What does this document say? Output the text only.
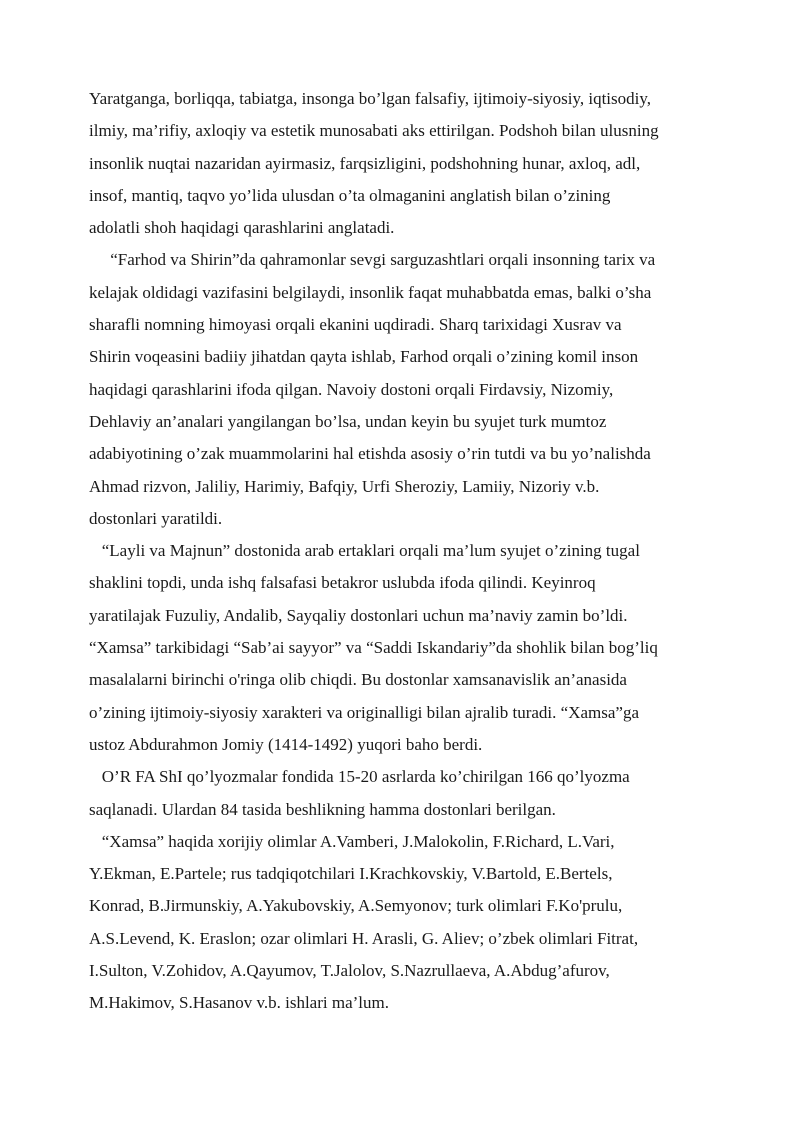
Yaratganga, borliqqa, tabiatga, insonga bo’lgan falsafiy, ijtimoiy-siyosiy, iqtisodiy,
ilmiy, ma’rifiy, axloqiy va estetik munosabati aks ettirilgan. Podshoh bilan ulusning
insonlik nuqtai nazaridan ayirmasiz, farqsizligini, podshohning hunar, axloq, adl,
insof, mantiq, taqvo yo’lida ulusdan o’ta olmaganini anglatish bilan o’zining
adolatli shoh haqidagi qarashlarini anglatadi.

“Farhod va Shirin”da qahramonlar sevgi sarguzashtlari orqali insonning tarix va
kelajak oldidagi vazifasini belgilaydi, insonlik faqat muhabbatda emas, balki o’sha
sharafli nomning himoyasi orqali ekanini uqdiradi. Sharq tarixidagi Xusrav va
Shirin voqeasini badiiy jihatdan qayta ishlab, Farhod orqali o’zining komil inson
haqidagi qarashlarini ifoda qilgan. Navoiy dostoni orqali Firdavsiy, Nizomiy,
Dehlaviy an’analari yangilangan bo’lsa, undan keyin bu syujet turk mumtoz
adabiyotining o’zak muammolarini hal etishda asosiy o’rin tutdi va bu yo’nalishda
Ahmad rizvon, Jaliliy, Harimiy, Bafqiy, Urfi Sheroziy, Lamiiy, Nizoriy v.b.
dostonlari yaratildi.

“Layli va Majnun” dostonida arab ertaklari orqali ma’lum syujet o’zining tugal
shaklini topdi, unda ishq falsafasi betakror uslubda ifoda qilindi. Keyinroq
yaratilajak Fuzuliy, Andalib, Sayqaliy dostonlari uchun ma’naviy zamin bo’ldi.
“Xamsa” tarkibidagi “Sab’ai sayyor” va “Saddi Iskandariy”da shohlik bilan bog’liq
masalalarni birinchi o'ringa olib chiqdi. Bu dostonlar xamsanavislik an’anasida
o’zining ijtimoiy-siyosiy xarakteri va originalligi bilan ajralib turadi. “Xamsa”ga
ustoz Abdurahmon Jomiy (1414-1492) yuqori baho berdi.

O’R FA ShI qo’lyozmalar fondida 15-20 asrlarda ko’chirilgan 166 qo’lyozma
saqlanadi. Ulardan 84 tasida beshlikning hamma dostonlari berilgan.

“Xamsa” haqida xorijiy olimlar A.Vamberi, J.Malokolin, F.Richard, L.Vari,
Y.Ekman, E.Partele; rus tadqiqotchilari I.Krachkovskiy, V.Bartold, E.Bertels,
Konrad, B.Jirmunskiy, A.Yakubovskiy, A.Semyonov; turk olimlari F.Ko'prulu,
A.S.Levend, K. Eraslon; ozar olimlari H. Arasli, G. Aliev; o’zbek olimlari Fitrat,
I.Sulton, V.Zohidov, A.Qayumov, T.Jalolov, S.Nazrullaeva, A.Abdug’afurov,
M.Hakimov, S.Hasanov v.b. ishlari ma’lum.
